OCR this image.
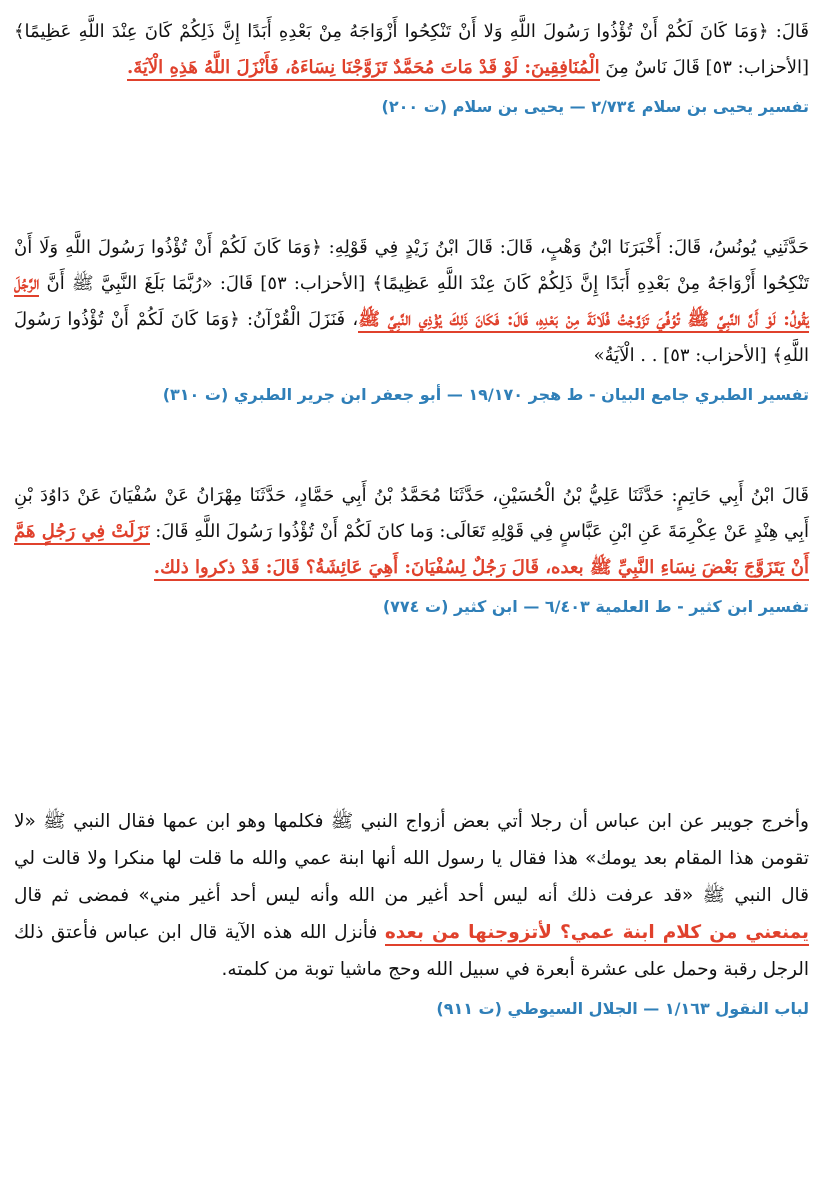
قَالَ: ﴿وَمَا كَانَ لَكُمْ أَنْ تُؤْذُوا رَسُولَ اللَّهِ وَلا أَنْ تَنْكِحُوا أَزْوَاجَهُ مِنْ بَعْدِهِ أَبَدًا إِنَّ ذَلِكُمْ كَانَ عِنْدَ اللَّهِ عَظِيمًا﴾ [الأحزاب: ٥٣] قَالَ نَاسٌ مِنَ الْمُنَافِقِينَ: لَوْ قَدْ مَاتَ مُحَمَّدٌ تَزَوَّجْنَا نِسَاءَهُ، فَأَنْزَلَ اللَّهُ هَذِهِ الْآيَةَ.

تفسير يحيى بن سلام ٢/٧٣٤ — يحيى بن سلام (ت ٢٠٠)

حَدَّثَنِي يُونُسُ، قَالَ: أَخْبَرَنَا ابْنُ وَهْبٍ، قَالَ: قَالَ ابْنُ زَيْدٍ فِي قَوْلِهِ: ﴿وَمَا كَانَ لَكُمْ أَنْ تُؤْذُوا رَسُولَ اللَّهِ وَلَا أَنْ تَنْكِحُوا أَزْوَاجَهُ مِنْ بَعْدِهِ أَبَدًا إِنَّ ذَلِكُمْ كَانَ عِنْدَ اللَّهِ عَظِيمًا﴾ [الأحزاب: ٥٣] قَالَ: «رُبَّمَا بَلَغَ النَّبِيَّ ﷺ أَنَّ الرَّجُلَ يَقُولُ: لَوْ أَنَّ النَّبِيَّ ﷺ تُوُفِّيَ تَزَوَّجْتُ فُلَانَةَ مِنْ بَعْدِهِ، قَالَ: فَكَانَ ذَلِكَ يُؤْذِي النَّبِيَّ ﷺ، فَنَزَلَ الْقُرْآنُ: ﴿وَمَا كَانَ لَكُمْ أَنْ تُؤْذُوا رَسُولَ اللَّهِ﴾ [الأحزاب: ٥٣] . . الْآيَةُ»

تفسير الطبري جامع البيان - ط هجر ١٩/١٧٠ — أبو جعفر ابن جرير الطبري (ت ٣١٠)

قَالَ ابْنُ أَبِي حَاتِمٍ: حَدَّثَنَا عَلِيُّ بْنُ الْحُسَيْنِ، حَدَّثَنَا مُحَمَّدُ بْنُ أَبِي حَمَّادٍ، حَدَّثَنَا مِهْرَانُ عَنْ سُفْيَانَ عَنْ دَاوُدَ بْنِ أَبِي هِنْدٍ عَنْ عِكْرِمَةَ عَنِ ابْنِ عَبَّاسٍ فِي قَوْلِهِ تَعَالَى: وَما كانَ لَكُمْ أَنْ تُؤْذُوا رَسُولَ اللَّهِ قَالَ: نَزَلَتْ فِي رَجُلٍ هَمَّ أَنْ يَتَزَوَّجَ بَعْضَ نِسَاءِ النَّبِيِّ ﷺ بعده، قَالَ رَجُلٌ لِسُفْيَانَ: أَهِيَ عَائِشَةُ؟ قَالَ: قَدْ ذكروا ذلك.

تفسير ابن كثير - ط العلمية ٦/٤٠٣ — ابن كثير (ت ٧٧٤)

وأخرج جويبر عن ابن عباس أن رجلا أتي بعض أزواج النبي ﷺ فكلمها وهو ابن عمها فقال النبي ﷺ «لا تقومن هذا المقام بعد يومك» هذا فقال يا رسول الله أنها ابنة عمي والله ما قلت لها منكرا ولا قالت لي قال النبي ﷺ «قد عرفت ذلك أنه ليس أحد أغير من الله وأنه ليس أحد أغير مني» فمضى ثم قال يمنعني من كلام ابنة عمي؟ لأتزوجنها من بعده فأنزل الله هذه الآية قال ابن عباس فأعتق ذلك الرجل رقبة وحمل على عشرة أبعرة في سبيل الله وحج ماشيا توبة من كلمته.

لباب النقول ١/١٦٣ — الجلال السيوطي (ت ٩١١)
